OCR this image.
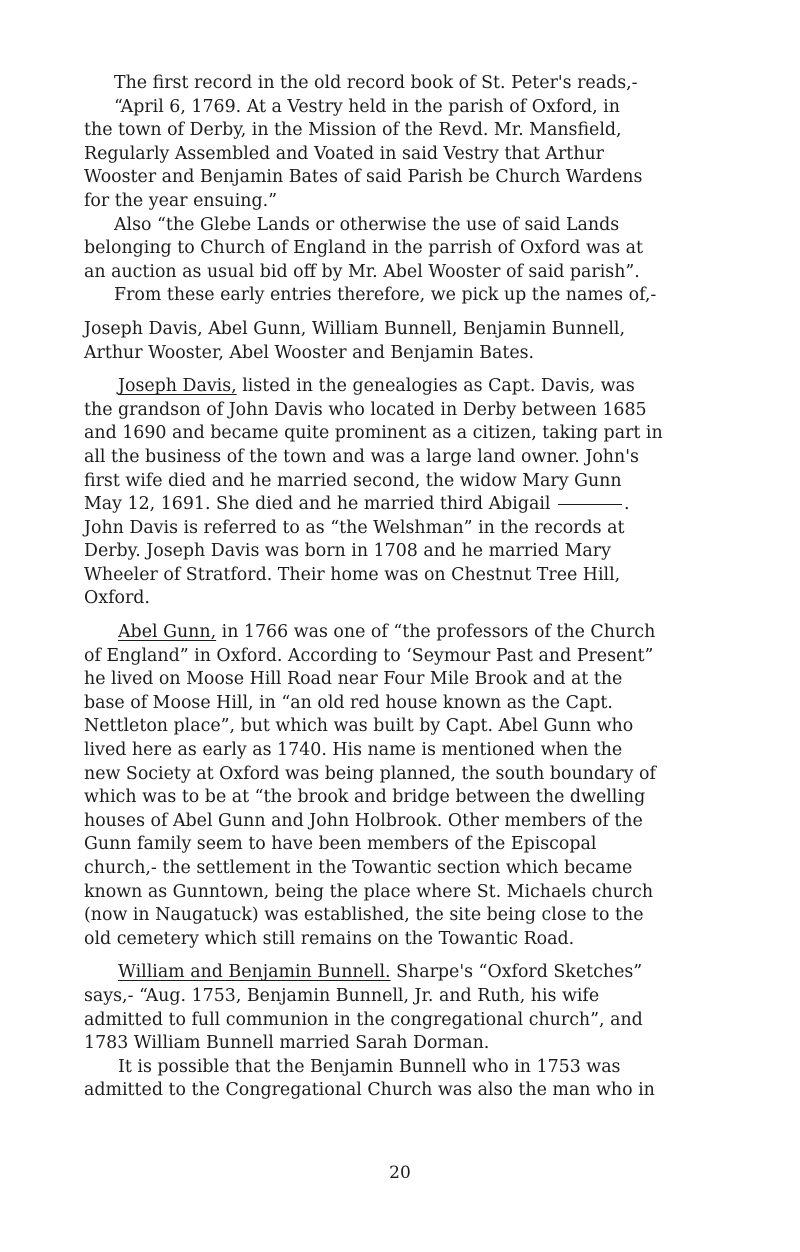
The first record in the old record book of St. Peter's reads,-
“April 6, 1769. At a Vestry held in the parish of Oxford, in
the town of Derby, in the Mission of the Revd. Mr. Mansfield,
Regularly Assembled and Voated in said Vestry that Arthur
Wooster and Benjamin Bates of said Parish be Church Wardens
for the year ensuing.”
Also “the Glebe Lands or otherwise the use of said Lands
belonging to Church of England in the parrish of Oxford was at
an auction as usual bid off by Mr. Abel Wooster of said parish”.
From these early entries therefore, we pick up the names of,-
Joseph Davis, Abel Gunn, William Bunnell, Benjamin Bunnell,
Arthur Wooster, Abel Wooster and Benjamin Bates.
Joseph Davis, listed in the genealogies as Capt. Davis, was
the grandson of John Davis who located in Derby between 1685
and 1690 and became quite prominent as a citizen, taking part in
all the business of the town and was a large land owner. John's
first wife died and he married second, the widow Mary Gunn
May 12, 1691. She died and he married third Abigail	.
John Davis is referred to as “the Welshman” in the records at
Derby. Joseph Davis was born in 1708 and he married Mary
Wheeler of Stratford. Their home was on Chestnut Tree Hill,
Oxford.
Abel Gunn, in 1766 was one of “the professors of the Church
of England” in Oxford. According to ‘Seymour Past and Present”
he lived on Moose Hill Road near Four Mile Brook and at the
base of Moose Hill, in “an old red house known as the Capt.
Nettleton place”, but which was built by Capt. Abel Gunn who
lived here as early as 1740. His name is mentioned when the
new Society at Oxford was being planned, the south boundary of
which was to be at “the brook and bridge between the dwelling
houses of Abel Gunn and John Holbrook. Other members of the
Gunn family seem to have been members of the Episcopal
church,- the settlement in the Towantic section which became
known as Gunntown, being the place where St. Michaels church
(now in Naugatuck) was established, the site being close to the
old cemetery which still remains on the Towantic Road.
William and Benjamin Bunnell. Sharpe's “Oxford Sketches”
says,- “Aug. 1753, Benjamin Bunnell, Jr. and Ruth, his wife
admitted to full communion in the congregational church”, and
1783 William Bunnell married Sarah Dorman.
It is possible that the Benjamin Bunnell who in 1753 was
admitted to the Congregational Church was also the man who in
20
